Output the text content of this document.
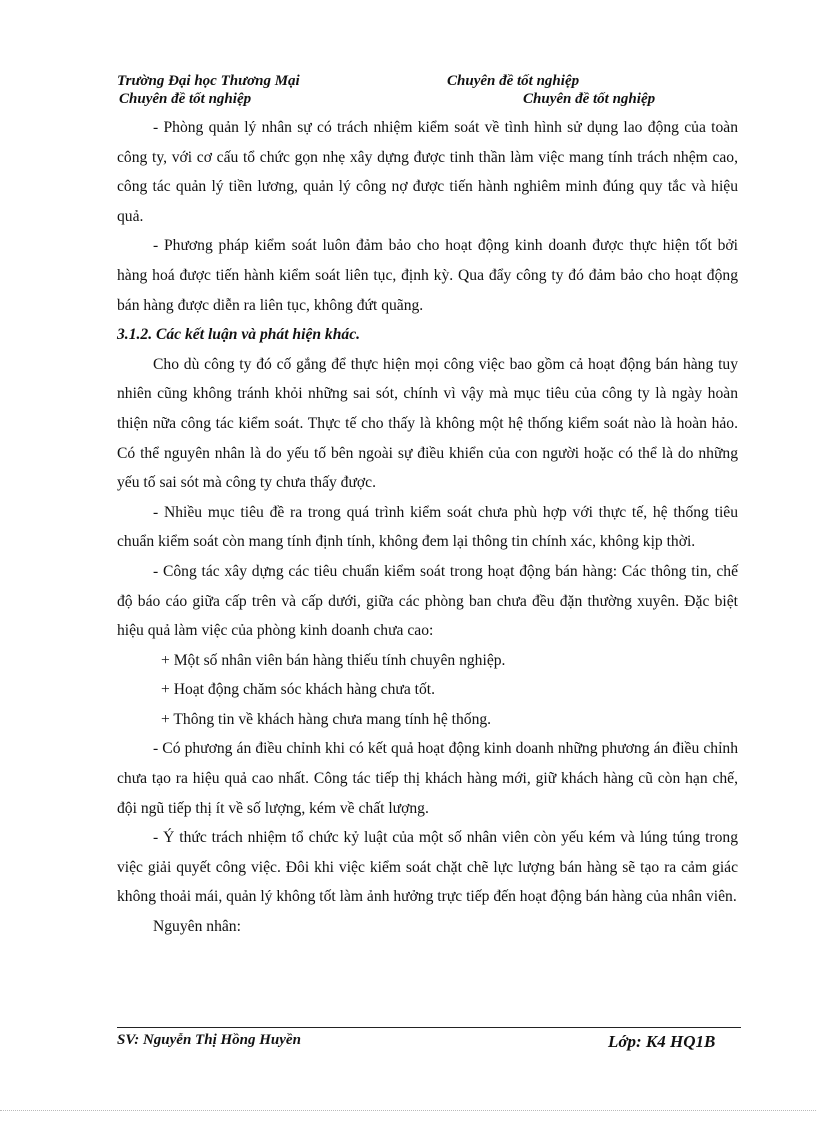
Trường Đại học Thương Mại	Chuyên đề tốt nghiệp
Chuyên đề tốt nghiệp	Chuyên đề tốt nghiệp

- Phòng quản lý nhân sự có trách nhiệm kiểm soát về tình hình sử dụng lao động của toàn công ty, với cơ cấu tổ chức gọn nhẹ xây dựng được tinh thần làm việc mang tính trách nhệm cao, công tác quản lý tiền lương, quản lý công nợ được tiến hành nghiêm minh đúng quy tắc và hiệu quả.

- Phương pháp kiểm soát luôn đảm bảo cho hoạt động kinh doanh được thực hiện tốt bởi hàng hoá được tiến hành kiểm soát liên tục, định kỳ. Qua đẩy công ty đó đảm bảo cho hoạt động bán hàng được diễn ra liên tục, không đứt quãng.

3.1.2. Các kết luận và phát hiện khác.

Cho dù công ty đó cố gắng để thực hiện mọi công việc bao gồm cả hoạt động bán hàng tuy nhiên cũng không tránh khỏi những sai sót, chính vì vậy mà mục tiêu của công ty là ngày hoàn thiện nữa công tác kiểm soát. Thực tế cho thấy là không một hệ thống kiểm soát nào là hoàn hảo. Có thể nguyên nhân là do yếu tố bên ngoài sự điều khiển của con người hoặc có thể là do những yếu tố sai sót mà công ty chưa thấy được.

- Nhiều mục tiêu đề ra trong quá trình kiểm soát chưa phù hợp với thực tế, hệ thống tiêu chuẩn kiểm soát còn mang tính định tính, không đem lại thông tin chính xác, không kịp thời.

- Công tác xây dựng các tiêu chuẩn kiểm soát trong hoạt động bán hàng: Các thông tin, chế độ báo cáo giữa cấp trên và cấp dưới, giữa các phòng ban chưa đều đặn thường xuyên. Đặc biệt hiệu quả làm việc của phòng kinh doanh chưa cao:

+ Một số nhân viên bán hàng thiếu tính chuyên nghiệp.

+ Hoạt động chăm sóc khách hàng chưa tốt.

+ Thông tin về khách hàng chưa mang tính hệ thống.

- Có phương án điều chỉnh khi có kết quả hoạt động kinh doanh những phương án điều chỉnh chưa tạo ra hiệu quả cao nhất. Công tác tiếp thị khách hàng mới, giữ khách hàng cũ còn hạn chế, đội ngũ tiếp thị ít về số lượng, kém về chất lượng.

- Ý thức trách nhiệm tổ chức kỷ luật của một số nhân viên còn yếu kém và lúng túng trong việc giải quyết công việc. Đôi khi việc kiểm soát chặt chẽ lực lượng bán hàng sẽ tạo ra cảm giác không thoải mái, quản lý không tốt làm ảnh hưởng trực tiếp đến hoạt động bán hàng của nhân viên.

Nguyên nhân:

SV: Nguyễn Thị Hồng Huyền	Lớp: K4 HQ1B
